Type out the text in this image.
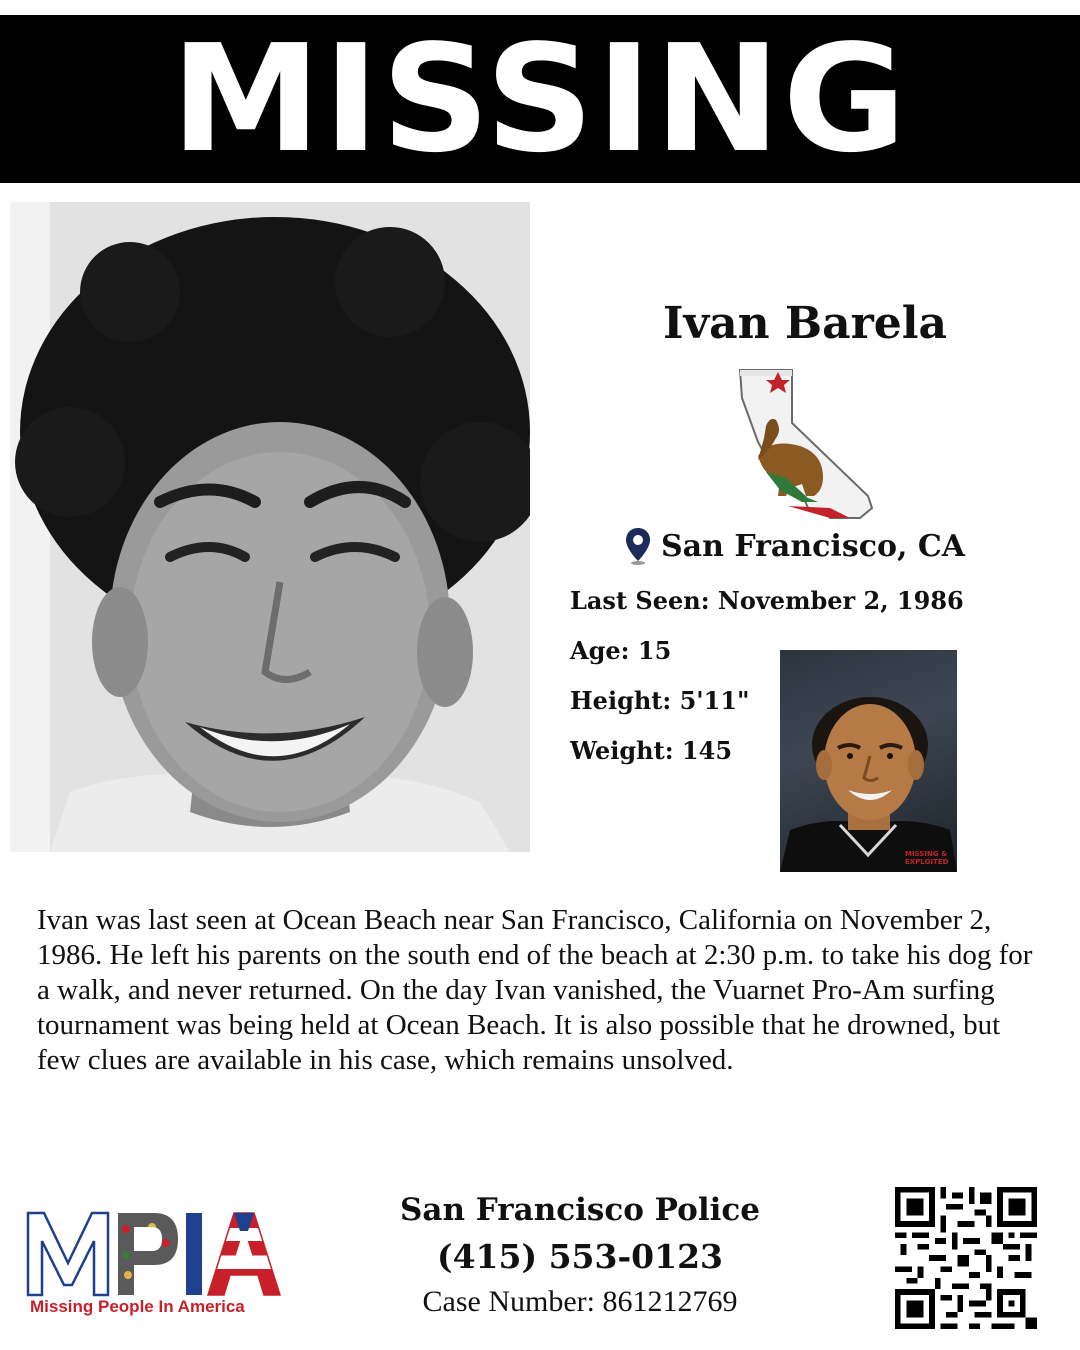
MISSING
Ivan Barela
San Francisco, CA
Last Seen: November 2, 1986
Age: 15
Height: 5'11"
Weight: 145
MISSING & EXPLOITED

Ivan was last seen at Ocean Beach near San Francisco, California on November 2, 1986. He left his parents on the south end of the beach at 2:30 p.m. to take his dog for a walk, and never returned. On the day Ivan vanished, the Vuarnet Pro-Am surfing tournament was being held at Ocean Beach. It is also possible that he drowned, but few clues are available in his case, which remains unsolved.

Missing People In America
San Francisco Police
(415) 553-0123
Case Number: 861212769
